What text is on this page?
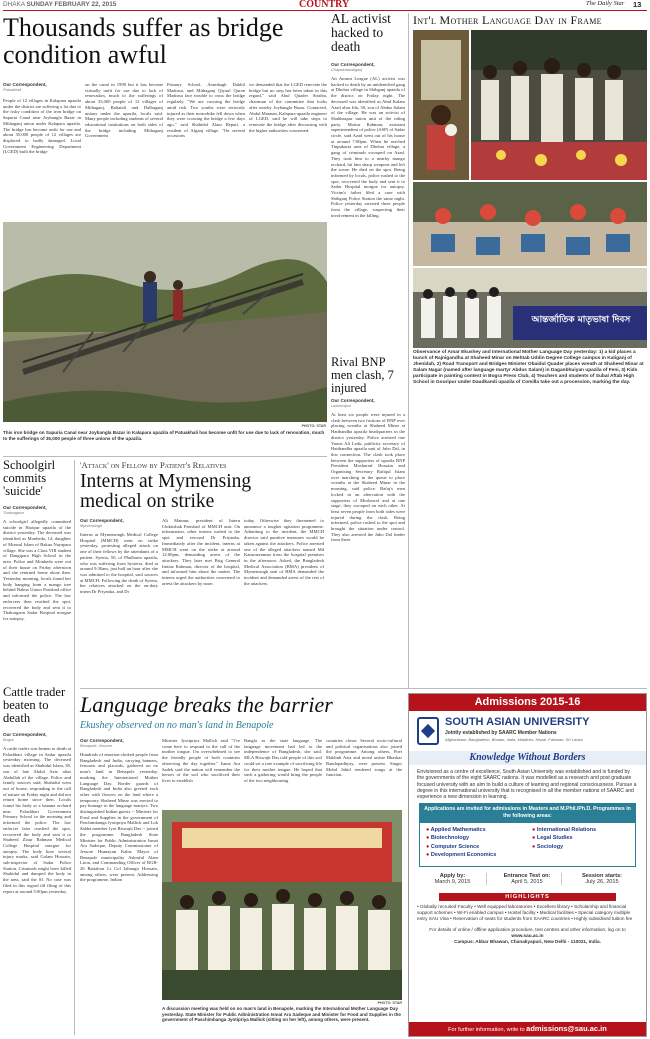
DHAKA SUNDAY FEBRUARY 22, 2015	COUNTRY	The Daily Star 13
Thousands suffer as bridge
condition awful
Our Correspondent,
Patuakhali
People of 12 villages in Kalapara upazila under the district are suffering a lot due to the risky condition of the iron bridge on Sapuria Canal near Joybangla Bazar in Mithaganj union under Kalapara upazila. The bridge has become unfit for use and about 35,000 people of 12 villages are displaced to badly damaged. Local Government Engineering Department (LGED) built the bridge
on the canal in 1998 but it has become virtually unfit for use due to lack of renovation, much to the sufferings of about 35,000 people of 12 villages of Mithaganj, Baliatali and Dalbuganj unions under the upazila, locals said. Many people including students of several educational institutions on both sides of the bridge including Mithaganj Government
Primary School, Arambagh Dakhil Madrasa, and Mithaganj Qiyaul Quran Madrasa face trouble to cross the bridge regularly. "We are crossing the bridge amid risk. Two youths were seriously injured as their motorbike fell down when they were crossing the bridge a few days ago," said Shahidul Alam Bepari, a resident of Afganj village. "On several occasions
we demanded that the LGED renovate the bridge but no step has been taken in this regard," said Abul Quader Siraiba, chairman of the committee that looks after nearby Joybangla Bazar. Contacted, Abdul Mannan, Kalapara upazila engineer of LGED, said he will take steps to renovate the bridge after discussing with the higher authorities concerned.
PHOTO: STAR
This iron bridge on Sapuria Canal near Joybangla Bazar in Kalapara upazila of Patuakhali has become unfit for use due to lack of renovation, much to the sufferings of 35,000 people of three unions of the upazila.
AL activist hacked to death
Our Correspondent,
Chapainawabganj
An Awami League (AL) activist was hacked to death by an unidentified gang at Dhobra village in Shibganj upazila of the district on Friday night. The deceased was identified as Abul Kalam Azad alias Idu, 30, son of Abdus Salam of the village. He was an activist of Shahbazpur union unit of the ruling party. Motiur Rahman, assistant superintendent of police (ASP) of Sadar circle, said Azad went out of his house at around 7:00pm. When he reached Tinpukuria area of Dhobra village, a gang of criminals swooped on Azad. They took him to a nearby mango orchard, hit him sharp weapons and left the scene. He died on the spot. Being informed by locals, police rushed to the spot, recovered the body and sent it to Sadar Hospital morgue for autopsy. Victim's father filed a case with Shibganj Police Station the same night. Police yesterday arrested three people from the village, suspecting their involvement in the killing.
Rival BNP men clash, 7 injured
Our Correspondent,
Lakshmipur
At least six people were injured in a clash between two factions of BNP over placing wreaths at Shaheed Minar at Hatibandha upazila headquarters in the district yesterday. Police arrested one Yunus Ali Ledu, publicity secretary of Hatibandha upazila unit of Jubo Dal, in this connection. The clash took place between the supporters of upazila BNP President Mosharraf Hossain and Organising Secretary Rafiqul Islam over marching in the queue to place wreaths at the Shaheed Minar in the morning, said police. Rafiq's men locked in an altercation with the supporters of Mosharraf and at one stage, they swooped on each other. At least seven people from both sides were injured during the clash. Being informed, police rushed to the spot and brought the situation under control. They also arrested the Jubo Dal leader from there.
Int'l Mother Language Day in Frame
আন্তর্জাতিক মাতৃভাষা দিবস
Observance of Amar Ekushey and International Mother Language Day yesterday: 1) a kid places a bunch of Rajnigandha at Shaheed Minar on Mehtab Uddin Degree College campus in Kaliganj of Jhenidah, 2) Road Transport and Bridges Minister Obaidul Quader places wreath at Shaheed Minar at Salam Nagar (named after language martyr Abdus Salam) in Daganbhuiyan upazila of Feni, 3) Kids participate in painting contest in Bogra Press Club, 4) Teachers and students of Subal Aftab High School in Gouripur under Daudkandi upazila of Comilla take out a procession, marking the day.
Schoolgirl commits 'suicide'
Our Correspondent,
Thakurgaon
A schoolgirl allegedly committed suicide in Haripur upazila of the district yesterday. The deceased was identified as Monbeda, 14, daughter of Monsul Islam of Bakua Nayapara village. She was a Class VIII student of Dangipara High School in the area. Police and Monbeda were out of their house on Friday afternoon and she returned home alone then. Yesterday morning, locals found her body hanging from a mango tree behind Bakua Union Parishad office and informed the police. The law enforcers then reached the spot, recovered the body and sent it to Thakurgaon Sadar Hospital morgue for autopsy.
Cattle trader beaten to death
Our Correspondent,
Bogra
A cattle trader was beaten to death at Palashbari village in Sadar upazila yesterday morning. The deceased was identified as Shahidul Islam, 38, son of late Abdul Aziz alias Abdullah of the village. Police and family sources said, Shahidul went out of house, responding to the call of nature on Friday night and did not return home since then. Locals found his body at a banana orchard near Palashbari Government Primary School in the morning and informed the police. The law enforcer later reached the spot, recovered the body and sent it to Shaheed Ziaur Rahman Medical College Hospital morgue for autopsy. The body bore several injury marks, said Golam Hossain, sub-inspector of Sadar Police Station. Criminals might have killed Shahidul and dumped the body in the area, said the SI. No case was filed in this regard till filing of this report at around 5:00pm yesterday.
'Attack' on Fellow by Patient's Relatives
Interns at Mymensing
medical on strike
Our Correspondent,
Mymensingh
Interns at Mymensingh Medical College Hospital (MMCH) went on strike yesterday, protesting alleged attack on one of their fellows by the attendants of a patient. Syeeta, 50, of Phulbaria upazila, who was suffering from hysteria, died at around 9:30am, just half an hour after she was admitted to the hospital, said sources at MMCH. Following the death of Syeeta, her relatives attacked on the on-duty intern Dr Priyanka, and Dr
Ali Mamun, president of Intern Chikitshak Parishad of MMCH unit. On information, other interns rushed to the spot and rescued Dr Priyanka. Immediately after the incident, interns at MMCH went on the strike at around 12:00pm, demanding arrest of the attackers. They later met Brig General Imtiaz Rahman, director of the hospital, and informed him about the matter. The interns urged the authorities concerned to arrest the attackers by noon
today. Otherwise they threatened to announce a tougher agitation programme. Admitting to the incident, the MMCH director said punitive measures would be taken against the attackers. Police arrested one of the alleged attackers named Md Kamruzzaman from the hospital premises in the afternoon. Asked, the Bangladesh Medical Association (BMA) president of Mymensingh unit of BMA demanded the incident and demanded arrest of the rest of the attackers.
Language breaks the barrier
Ekushey observed on no man's land in Benapole
Our Correspondent,
Benapole, Jessore
Hundreds of emotion-choked people from Bangladesh and India, carrying banners, festoons and placards, gathered on no man's land in Benapole yesterday, marking the International Mother Language Day. Border guards of Bangladesh and India also greeted each other with flowers on the land where a temporary Shaheed Minar was erected to pay homage to the language martyrs. Two distinguished Indian guests -- Minister for Food and Supplies in the government of Paschimbanga Jyotipriya Mallick and Lok Sabha member Jyot Biswajit Das -- joined the programme. Bangladesh State Minister for Public Administration Ismat Ara Sadeque, Deputy Commissioner of Jessore Humayun Kabir, Mayor of Benapole municipality Ashraful Alam Liton, and Commanding Officer of BGB-26 Battalion Lt Col Jahangir Hossain, among others, were present. Addressing the programme, Indian
Minister Jyotipriya Mallick said "I've come here to respond to the call of the mother tongue. I'm overwhelmed to see the friendly people of both countries observing the day together." Ismat Ara Sadek said the nation will remember the heroes of the soil who sacrificed their lives to establish
Bangla as the state language. The language movement had led to the independence of Bangladesh, she said. MLA Biswajit Das told people of this soil could set a rare example of sacrificing life for their mother tongue. He hoped that such a gathering would bring the people of the two neighbouring
countries closer. Several socio-cultural and political organisations also joined the programme. Among others, Poet Mahbub Aziz and noted artiste Bhaskar Bandopadhyay, were present. Singer Mohd Jahid rendered songs at the function.
PHOTO: STAR
A discussion meeting was held on no man's land in Benapole, marking the International Mother Language Day yesterday. State Minister for Public Administration Ismat Ara Sadeque and Minister for Food and Supplies in the government of Paschimbanga Jyotipriya Mallick (sitting on her left), among others, were present.
Admissions 2015-16
SOUTH ASIAN UNIVERSITY
Jointly established by SAARC Member Nations
Afghanistan, Bangladesh, Bhutan, India, Maldives, Nepal, Pakistan, Sri Lanka
Knowledge Without Borders
Envisioned as a centre of excellence, South Asian University was established and is funded by the governments of the eight SAARC nations. It was modelled as a research and post graduate focused university with an aim to build a culture of learning and regional consciousness. Pursue a degree in this international university that is recognised in all the member nations of SAARC and experience a new dimension in learning.
Applications are invited for admissions in Masters and M.Phil./Ph.D. Programmes in the following areas:
● Applied Mathematics
● Biotechnology
● Computer Science
● Development Economics
● International Relations
● Legal Studies
● Sociology
Apply by:
March 9, 2015
Entrance Test on:
April 5, 2015
Session starts:
July 26, 2015
HIGHLIGHTS
• Globally recruited Faculty • Well equipped laboratories • Excellent library • Scholarship and financial support schemes • Wi-Fi enabled campus • Hostel facility • Medical facilities • Special category multiple entry SAU Visa • Reservation of seats for students from SAARC countries • Highly subsidised tuition fee
For details of online / offline application procedure, test centres and other information, log on to www.sau.ac.in
Campus: Akbar Bhawan, Chanakyapuri, New Delhi - 110021, India.
For further information, write to admissions@sau.ac.in
